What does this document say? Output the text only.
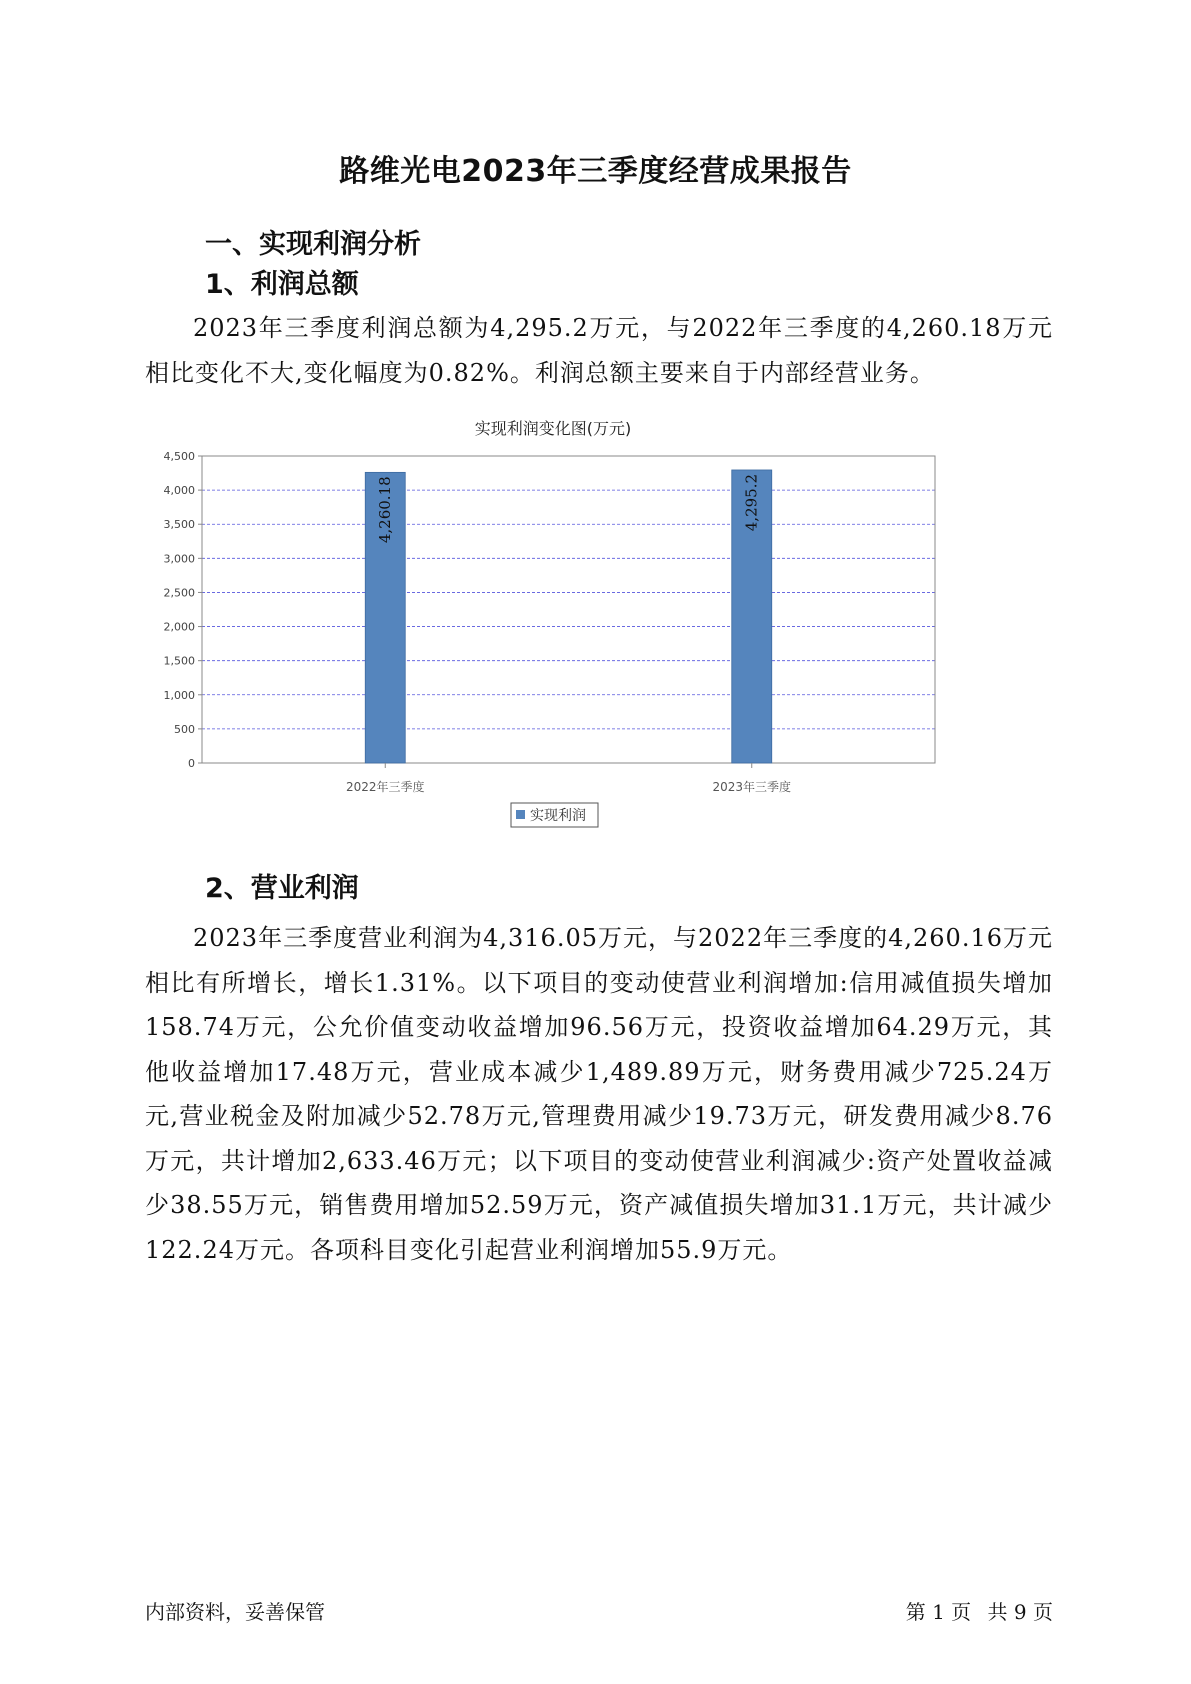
路维光电2023年三季度经营成果报告
一、实现利润分析
1、利润总额

2023年三季度利润总额为4,295.2万元，与2022年三季度的4,260.18万元相比变化不大,变化幅度为0.82%。利润总额主要来自于内部经营业务。

实现利润变化图(万元)
0
500
1,000
1,500
2,000
2,500
3,000
3,500
4,000
4,500
4,260.18	4,295.2
2022年三季度	2023年三季度
实现利润
2、营业利润

2023年三季度营业利润为4,316.05万元，与2022年三季度的4,260.16万元相比有所增长，增长1.31%。以下项目的变动使营业利润增加:信用减值损失增加158.74万元，公允价值变动收益增加96.56万元，投资收益增加64.29万元，其他收益增加17.48万元，营业成本减少1,489.89万元，财务费用减少725.24万元,营业税金及附加减少52.78万元,管理费用减少19.73万元，研发费用减少8.76万元，共计增加2,633.46万元；以下项目的变动使营业利润减少:资产处置收益减少38.55万元，销售费用增加52.59万元，资产减值损失增加31.1万元，共计减少122.24万元。各项科目变化引起营业利润增加55.9万元。

内部资料，妥善保管	第 1 页 共 9 页
